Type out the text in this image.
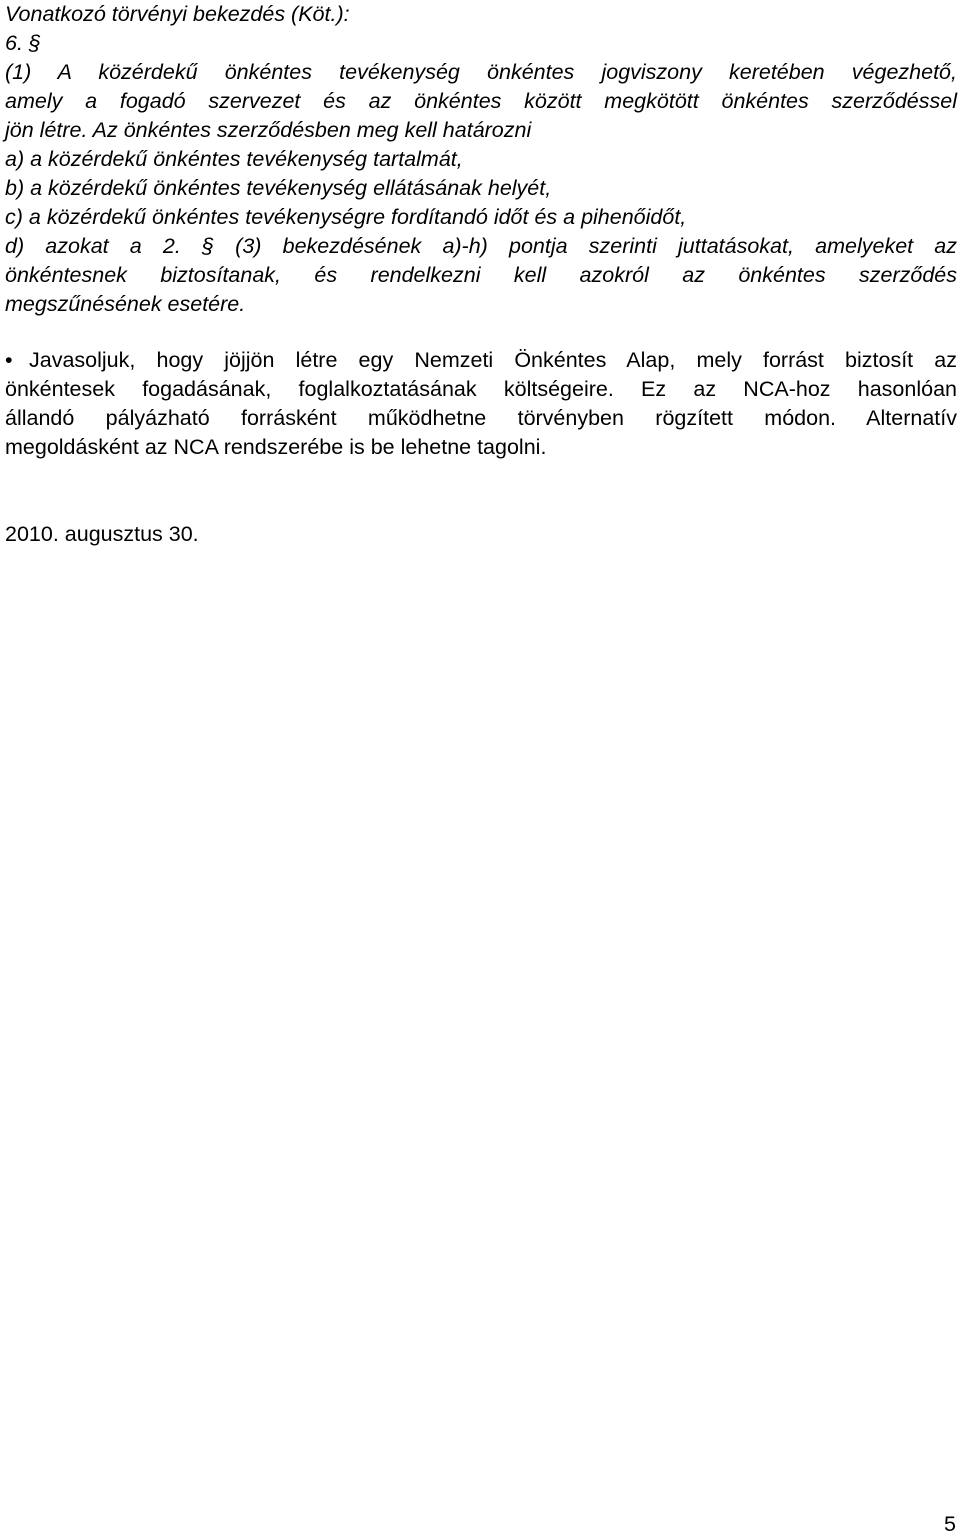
Vonatkozó törvényi bekezdés (Köt.):
6. §
(1) A közérdekű önkéntes tevékenység önkéntes jogviszony keretében végezhető,
amely a fogadó szervezet és az önkéntes között megkötött önkéntes szerződéssel
jön létre. Az önkéntes szerződésben meg kell határozni
a) a közérdekű önkéntes tevékenység tartalmát,
b) a közérdekű önkéntes tevékenység ellátásának helyét,
c) a közérdekű önkéntes tevékenységre fordítandó időt és a pihenőidőt,
d) azokat a 2. § (3) bekezdésének a)-h) pontja szerinti juttatásokat, amelyeket az
önkéntesnek biztosítanak, és rendelkezni kell azokról az önkéntes szerződés
megszűnésének esetére.
• Javasoljuk, hogy jöjjön létre egy Nemzeti Önkéntes Alap, mely forrást biztosít az
önkéntesek fogadásának, foglalkoztatásának költségeire. Ez az NCA-hoz hasonlóan
állandó pályázható forrásként működhetne törvényben rögzített módon. Alternatív
megoldásként az NCA rendszerébe is be lehetne tagolni.
2010. augusztus 30.
5
